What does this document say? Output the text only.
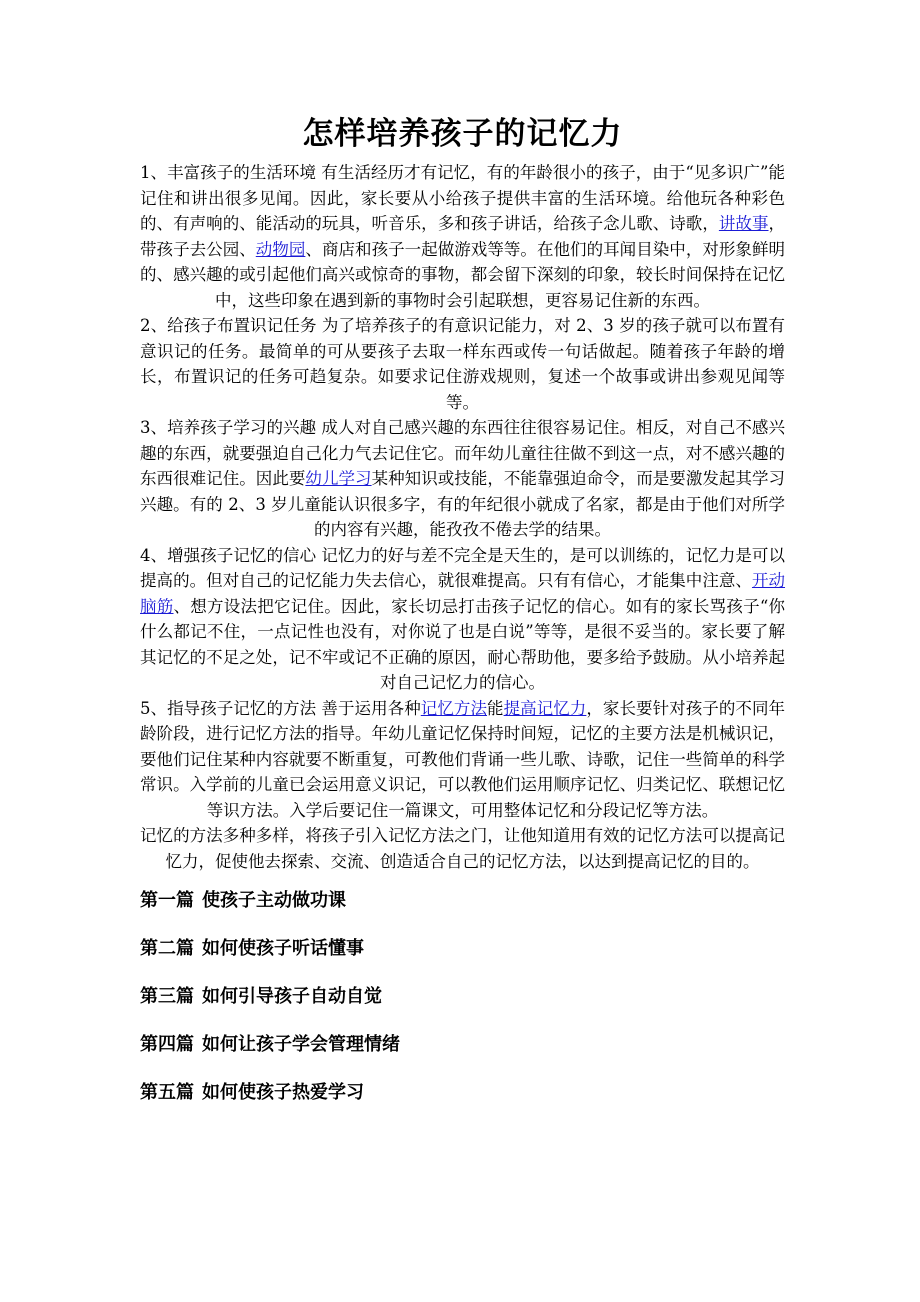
怎样培养孩子的记忆力

1、丰富孩子的生活环境 有生活经历才有记忆，有的年龄很小的孩子，由于“见多识广”能记住和讲出很多见闻。因此，家长要从小给孩子提供丰富的生活环境。给他玩各种彩色的、有声响的、能活动的玩具，听音乐，多和孩子讲话，给孩子念儿歌、诗歌，讲故事，带孩子去公园、动物园、商店和孩子一起做游戏等等。在他们的耳闻目染中，对形象鲜明的、感兴趣的或引起他们高兴或惊奇的事物，都会留下深刻的印象，较长时间保持在记忆中，这些印象在遇到新的事物时会引起联想，更容易记住新的东西。

2、给孩子布置识记任务 为了培养孩子的有意识记能力，对 2、3 岁的孩子就可以布置有意识记的任务。最简单的可从要孩子去取一样东西或传一句话做起。随着孩子年龄的增长，布置识记的任务可趋复杂。如要求记住游戏规则，复述一个故事或讲出参观见闻等等。

3、培养孩子学习的兴趣 成人对自己感兴趣的东西往往很容易记住。相反，对自己不感兴趣的东西，就要强迫自己化力气去记住它。而年幼儿童往往做不到这一点，对不感兴趣的东西很难记住。因此要幼儿学习某种知识或技能，不能靠强迫命令，而是要激发起其学习兴趣。有的 2、3 岁儿童能认识很多字，有的年纪很小就成了名家，都是由于他们对所学的内容有兴趣，能孜孜不倦去学的结果。

4、增强孩子记忆的信心 记忆力的好与差不完全是天生的，是可以训练的，记忆力是可以提高的。但对自己的记忆能力失去信心，就很难提高。只有有信心，才能集中注意、开动脑筋、想方设法把它记住。因此，家长切忌打击孩子记忆的信心。如有的家长骂孩子“你什么都记不住，一点记性也没有，对你说了也是白说”等等，是很不妥当的。家长要了解其记忆的不足之处，记不牢或记不正确的原因，耐心帮助他，要多给予鼓励。从小培养起对自己记忆力的信心。

5、指导孩子记忆的方法 善于运用各种记忆方法能提高记忆力，家长要针对孩子的不同年龄阶段，进行记忆方法的指导。年幼儿童记忆保持时间短，记忆的主要方法是机械识记，要他们记住某种内容就要不断重复，可教他们背诵一些儿歌、诗歌，记住一些简单的科学常识。入学前的儿童已会运用意义识记，可以教他们运用顺序记忆、归类记忆、联想记忆等识方法。入学后要记住一篇课文，可用整体记忆和分段记忆等方法。

记忆的方法多种多样，将孩子引入记忆方法之门，让他知道用有效的记忆方法可以提高记忆力，促使他去探索、交流、创造适合自己的记忆方法，以达到提高记忆的目的。

第一篇 使孩子主动做功课
第二篇 如何使孩子听话懂事
第三篇 如何引导孩子自动自觉
第四篇 如何让孩子学会管理情绪
第五篇 如何使孩子热爱学习
